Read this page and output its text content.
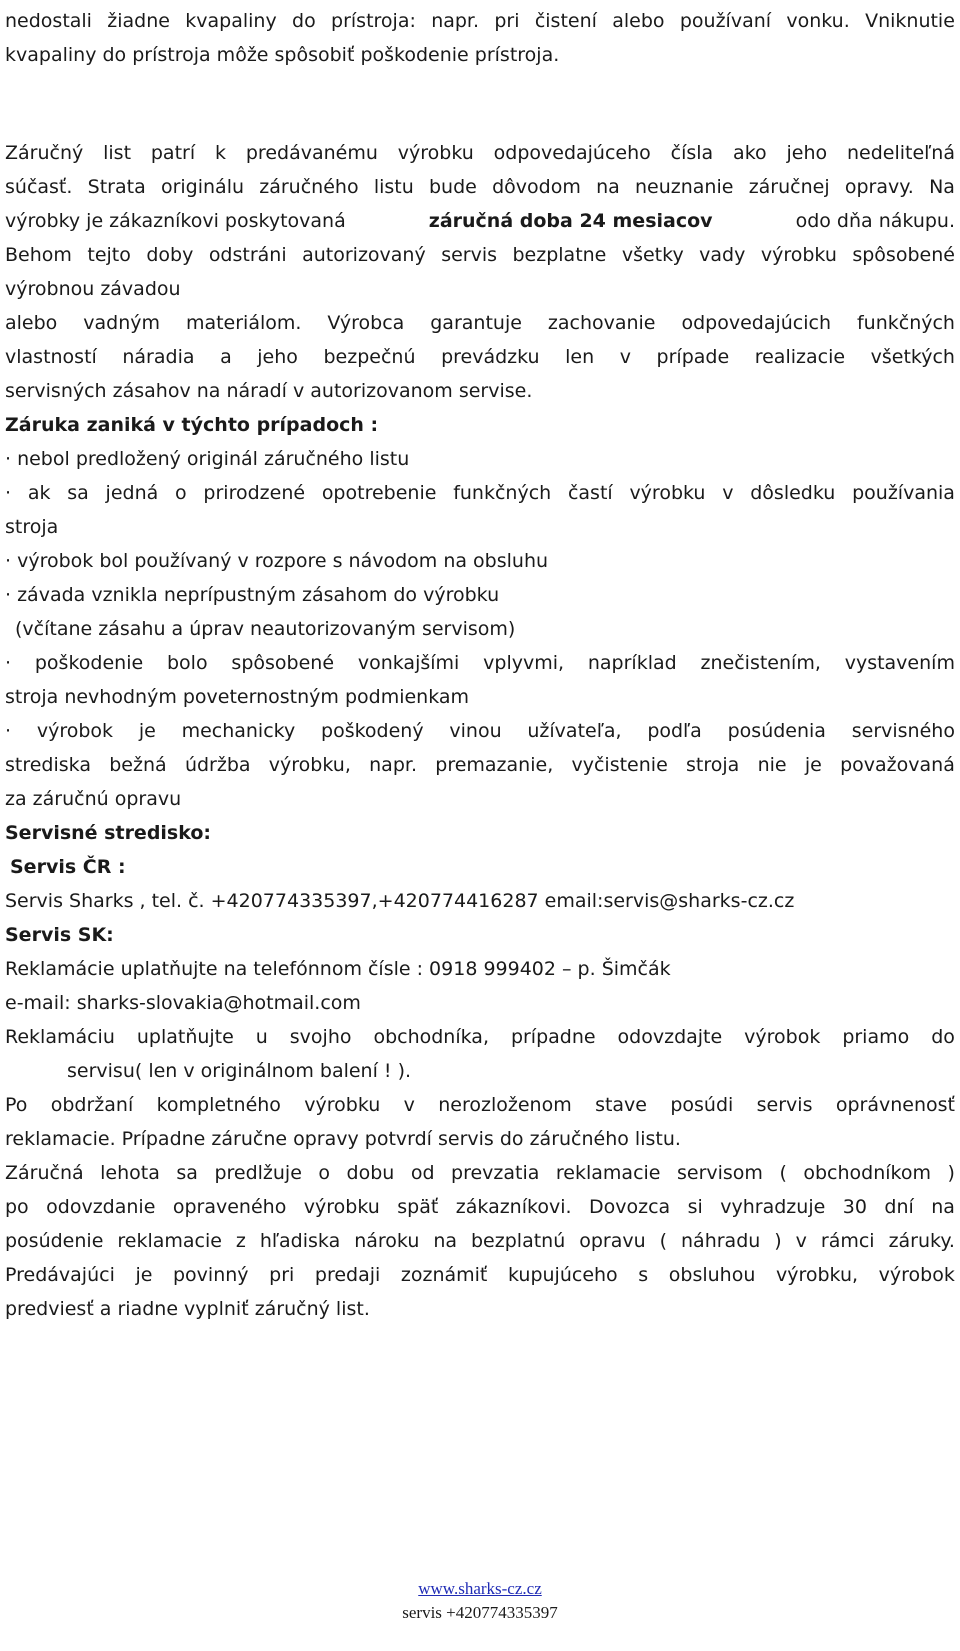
nedostali žiadne kvapaliny do prístroja: napr. pri čistení alebo používaní vonku. Vniknutie

kvapaliny do prístroja môže spôsobiť poškodenie prístroja.

Záručný list patrí k predávanému výrobku odpovedajúceho čísla ako jeho nedeliteľná

súčasť. Strata originálu záručného listu bude dôvodom na neuznanie záručnej opravy. Na

výrobky je zákazníkovi poskytovaná	záručná doba 24 mesiacov	odo dňa nákupu.

Behom tejto doby odstráni autorizovaný servis bezplatne všetky vady výrobku spôsobené

výrobnou závadou

alebo vadným materiálom. Výrobca garantuje zachovanie odpovedajúcich funkčných

vlastností náradia a jeho bezpečnú prevádzku len v prípade realizacie všetkých

servisných zásahov na náradí v autorizovanom servise.

Záruka zaniká v týchto prípadoch :

· nebol predložený originál záručného listu

· ak sa jedná o prirodzené opotrebenie funkčných častí výrobku v dôsledku používania

stroja

· výrobok bol používaný v rozpore s návodom na obsluhu

· závada vznikla neprípustným zásahom do výrobku

(včítane zásahu a úprav neautorizovaným servisom)

· poškodenie bolo spôsobené vonkajšími vplyvmi, napríklad znečistením, vystavením

stroja nevhodným poveternostným podmienkam

· výrobok je mechanicky poškodený vinou užívateľa, podľa posúdenia servisného

strediska bežná údržba výrobku, napr. premazanie, vyčistenie stroja nie je považovaná

za záručnú opravu

Servisné stredisko:

Servis ČR :

Servis Sharks , tel. č. +420774335397,+420774416287 email:servis@sharks-cz.cz

Servis SK:

Reklamácie uplatňujte na telefónnom čísle : 0918 999402 – p. Šimčák

e-mail: sharks-slovakia@hotmail.com

Reklamáciu uplatňujte u svojho obchodníka, prípadne odovzdajte výrobok priamo do

servisu( len v originálnom balení ! ).

Po obdržaní kompletného výrobku v nerozloženom stave posúdi servis oprávnenosť

reklamacie. Prípadne záručne opravy potvrdí servis do záručného listu.

Záručná lehota sa predlžuje o dobu od prevzatia reklamacie servisom ( obchodníkom )

po odovzdanie opraveného výrobku späť zákazníkovi. Dovozca si vyhradzuje 30 dní na

posúdenie reklamacie z hľadiska nároku na bezplatnú opravu ( náhradu ) v rámci záruky.

Predávajúci je povinný pri predaji zoznámiť kupujúceho s obsluhou výrobku, výrobok

predviesť a riadne vyplniť záručný list.

www.sharks-cz.cz
servis +420774335397
